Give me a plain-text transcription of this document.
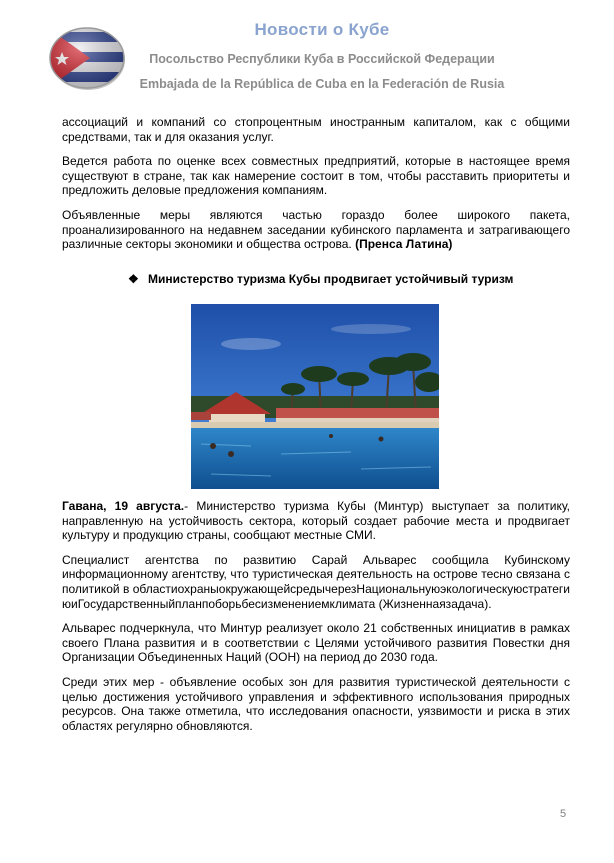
Новости о Кубе
Посольство Республики Куба в Российской Федерации
Embajada de la República de Cuba en la Federación de Rusia

ассоциаций и компаний со стопроцентным иностранным капиталом, как с общими средствами, так и для оказания услуг.

Ведется работа по оценке всех совместных предприятий, которые в настоящее время существуют в стране, так как намерение состоит в том, чтобы расставить приоритеты и предложить деловые предложения компаниям.

Объявленные меры являются частью гораздо более широкого пакета, проанализированного на недавнем заседании кубинского парламента и затрагивающего различные секторы экономики и общества острова. (Пренса Латина)

❖ Министерство туризма Кубы продвигает устойчивый туризм

Гавана, 19 августа.- Министерство туризма Кубы (Минтур) выступает за политику, направленную на устойчивость сектора, который создает рабочие места и продвигает культуру и продукцию страны, сообщают местные СМИ.

Специалист агентства по развитию Сарай Альварес сообщила Кубинскому информационному агентству, что туристическая деятельность на острове тесно связана с политикой в областиохраныокружающейсредычерезНациональнуюэкологическуюстратегиюиГосударственныйпланпоборьбесизменениемклимата (Жизненнаязадача).

Альварес подчеркнула, что Минтур реализует около 21 собственных инициатив в рамках своего Плана развития и в соответствии с Целями устойчивого развития Повестки дня Организации Объединенных Наций (ООН) на период до 2030 года.

Среди этих мер - объявление особых зон для развития туристической деятельности с целью достижения устойчивого управления и эффективного использования природных ресурсов. Она также отметила, что исследования опасности, уязвимости и риска в этих областях регулярно обновляются.

5
